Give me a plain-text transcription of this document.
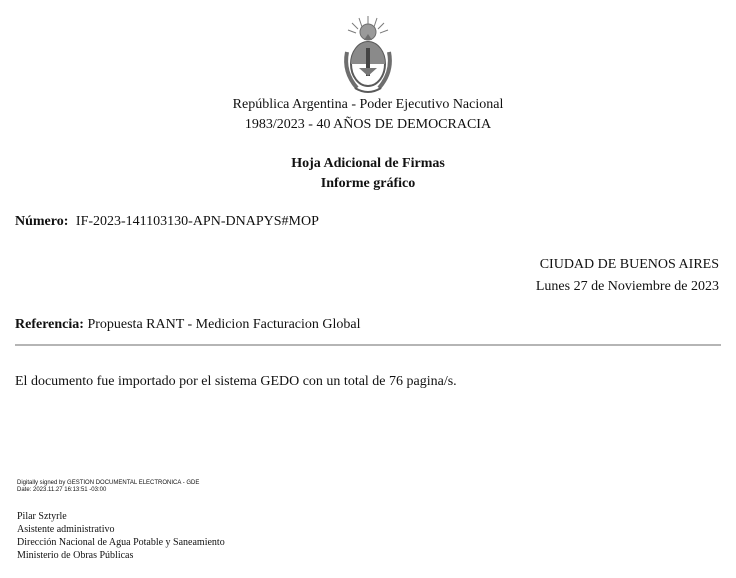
República Argentina - Poder Ejecutivo Nacional
1983/2023 - 40 AÑOS DE DEMOCRACIA
Hoja Adicional de Firmas
Informe gráfico
Número: IF-2023-141103130-APN-DNAPYS#MOP
CIUDAD DE BUENOS AIRES
Lunes 27 de Noviembre de 2023
Referencia: Propuesta RANT - Medicion Facturacion Global
El documento fue importado por el sistema GEDO con un total de 76 pagina/s.
Digitally signed by GESTION DOCUMENTAL ELECTRONICA - GDE
Date: 2023.11.27 16:13:51 -03:00
Pilar Sztyrle
Asistente administrativo
Dirección Nacional de Agua Potable y Saneamiento
Ministerio de Obras Públicas
